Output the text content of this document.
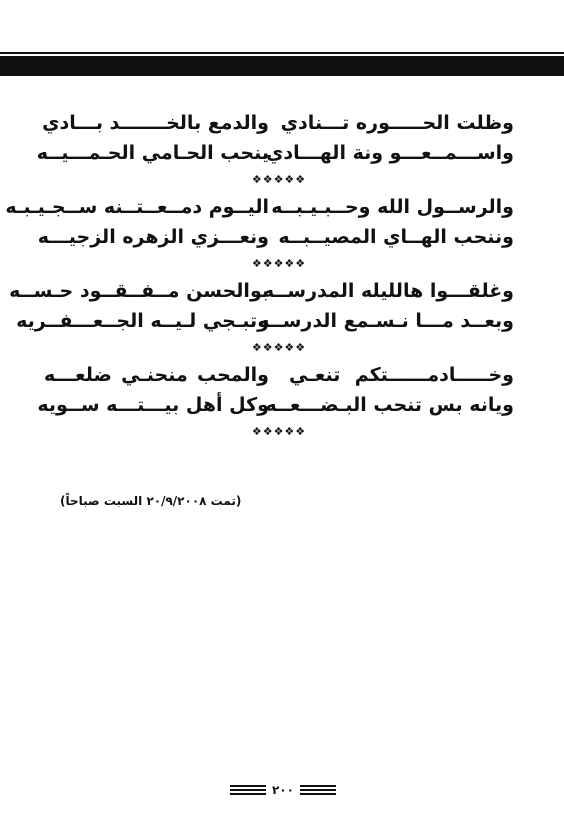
وظلت الحـــــوره تـــنادي
والدمع بالخـــــــد بـــادي
واســـمــعـــو ونة الهـــادي
ينحب الحـامي الحـمـــيــه
❖❖❖❖❖
والرســول الله وحــبـيـبــه
اليــوم دمــعــتــنه ســجـيـبـه
وننحب الهــاي المصيــبــه
ونعـــزي الزهره الزجيـــه
❖❖❖❖❖
وغلقـــوا هالليله المدرســه
بوالحسن مــفــقــود حـســه
وبعــد مـــا نـسـمع الدرســه
وتبـجي لـيــه الجــعـــفــريه
❖❖❖❖❖
وخـــــادمــــــتكم تنعـي
والمحب منحنـي ضلعـــه
ويانه بس تنحب البـضـــعــه
وكل أهل بيـــتـــه ســويه
❖❖❖❖❖
(تمت ٢٠/٩/٢٠٠٨ السبت صباحاً)
٢٠٠
